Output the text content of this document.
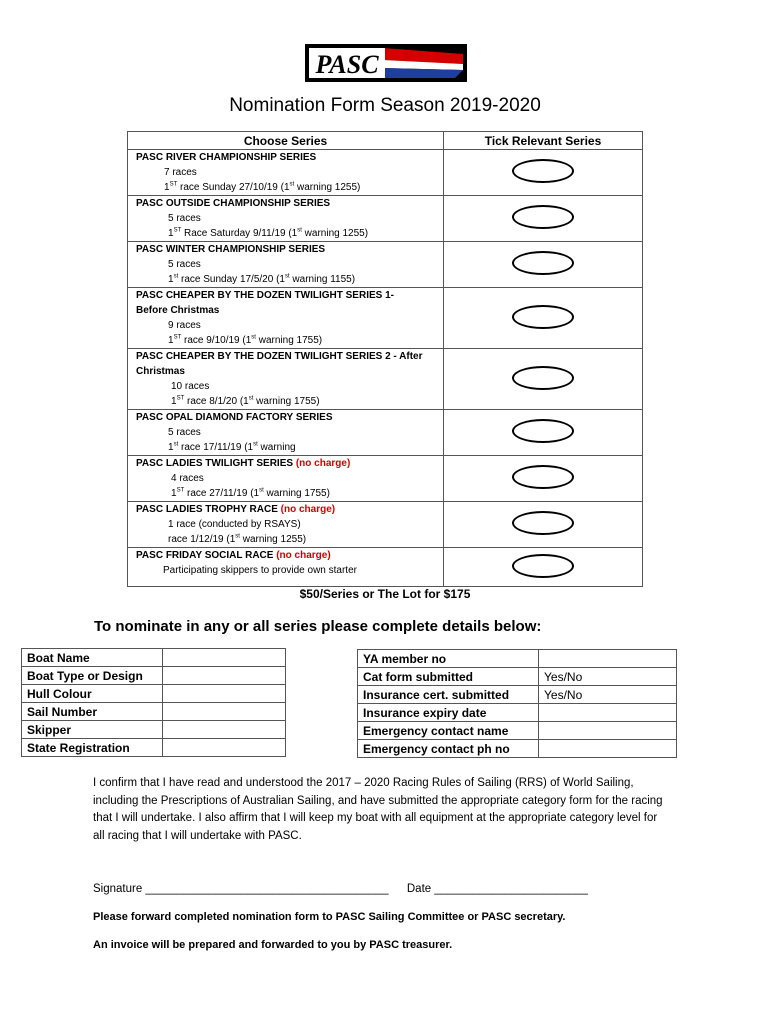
PASC
Nomination Form Season 2019-2020
Choose Series	Tick Relevant Series

PASC RIVER CHAMPIONSHIP SERIES
7 races
1ST race Sunday 27/10/19 (1st warning 1255)	

PASC OUTSIDE CHAMPIONSHIP SERIES
5 races
1ST Race Saturday 9/11/19 (1st warning 1255)	

PASC WINTER CHAMPIONSHIP SERIES
5 races
1st race Sunday 17/5/20 (1st warning 1155)	

PASC CHEAPER BY THE DOZEN TWILIGHT SERIES 1-
Before Christmas
9 races
1ST race 9/10/19 (1st warning 1755)	

PASC CHEAPER BY THE DOZEN TWILIGHT SERIES 2 - After
Christmas
10 races
1ST race 8/1/20 (1st warning 1755)	

PASC OPAL DIAMOND FACTORY SERIES
5 races
1st race 17/11/19 (1st warning	

PASC LADIES TWILIGHT SERIES (no charge)
4 races
1ST race 27/11/19 (1st warning 1755)	

PASC LADIES TROPHY RACE (no charge)
1 race (conducted by RSAYS)
race 1/12/19 (1st warning 1255)	

PASC FRIDAY SOCIAL RACE (no charge)
Participating skippers to provide own starter	

$50/Series or The Lot for $175
To nominate in any or all series please complete details below:
Boat Name	
Boat Type or Design	
Hull Colour	
Sail Number	
Skipper	
State Registration	
YA member no	
Cat form submitted	Yes/No
Insurance cert. submitted	Yes/No
Insurance expiry date	
Emergency contact name	
Emergency contact ph no	
I confirm that I have read and understood the 2017 – 2020 Racing Rules of Sailing (RRS) of World Sailing, including the Prescriptions of Australian Sailing, and have submitted the appropriate category form for the racing that I will undertake. I also affirm that I will keep my boat with all equipment at the appropriate category level for all racing that I will undertake with PASC.
Signature ______________________________________ Date ________________________
Please forward completed nomination form to PASC Sailing Committee or PASC secretary.
An invoice will be prepared and forwarded to you by PASC treasurer.
